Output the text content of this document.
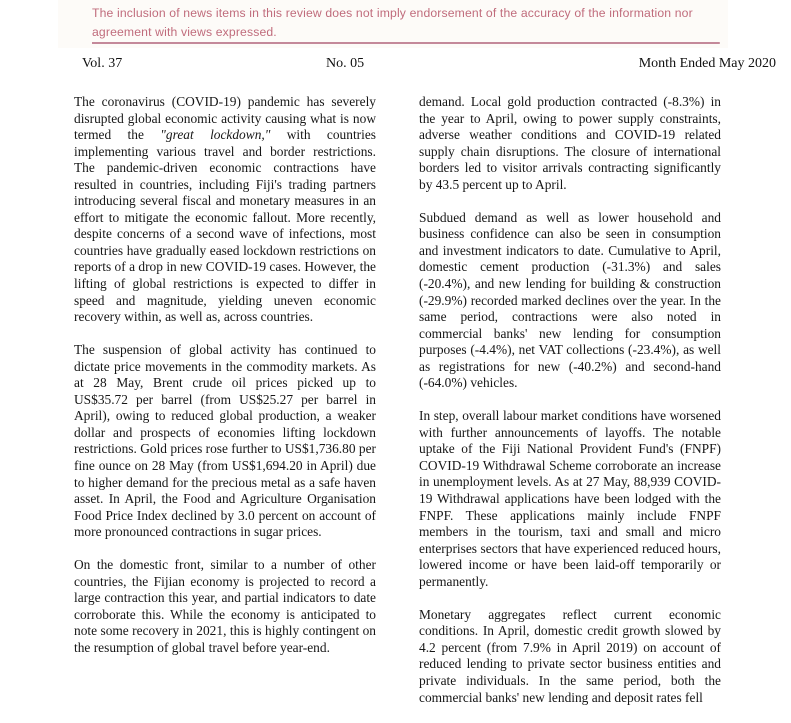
The inclusion of news items in this review does not imply endorsement of the accuracy of the information nor agreement with views expressed.
Vol. 37	No. 05	Month Ended May 2020

The coronavirus (COVID-19) pandemic has severely disrupted global economic activity causing what is now termed the "great lockdown," with countries implementing various travel and border restrictions. The pandemic-driven economic contractions have resulted in countries, including Fiji's trading partners introducing several fiscal and monetary measures in an effort to mitigate the economic fallout. More recently, despite concerns of a second wave of infections, most countries have gradually eased lockdown restrictions on reports of a drop in new COVID-19 cases. However, the lifting of global restrictions is expected to differ in speed and magnitude, yielding uneven economic recovery within, as well as, across countries.

The suspension of global activity has continued to dictate price movements in the commodity markets. As at 28 May, Brent crude oil prices picked up to US$35.72 per barrel (from US$25.27 per barrel in April), owing to reduced global production, a weaker dollar and prospects of economies lifting lockdown restrictions. Gold prices rose further to US$1,736.80 per fine ounce on 28 May (from US$1,694.20 in April) due to higher demand for the precious metal as a safe haven asset. In April, the Food and Agriculture Organisation Food Price Index declined by 3.0 percent on account of more pronounced contractions in sugar prices.

On the domestic front, similar to a number of other countries, the Fijian economy is projected to record a large contraction this year, and partial indicators to date corroborate this. While the economy is anticipated to note some recovery in 2021, this is highly contingent on the resumption of global travel before year-end.

demand. Local gold production contracted (-8.3%) in the year to April, owing to power supply constraints, adverse weather conditions and COVID-19 related supply chain disruptions. The closure of international borders led to visitor arrivals contracting significantly by 43.5 percent up to April.

Subdued demand as well as lower household and business confidence can also be seen in consumption and investment indicators to date. Cumulative to April, domestic cement production (-31.3%) and sales (-20.4%), and new lending for building & construction (-29.9%) recorded marked declines over the year. In the same period, contractions were also noted in commercial banks' new lending for consumption purposes (-4.4%), net VAT collections (-23.4%), as well as registrations for new (-40.2%) and second-hand (-64.0%) vehicles.

In step, overall labour market conditions have worsened with further announcements of layoffs. The notable uptake of the Fiji National Provident Fund's (FNPF) COVID-19 Withdrawal Scheme corroborate an increase in unemployment levels. As at 27 May, 88,939 COVID-19 Withdrawal applications have been lodged with the FNPF. These applications mainly include FNPF members in the tourism, taxi and small and micro enterprises sectors that have experienced reduced hours, lowered income or have been laid-off temporarily or permanently.

Monetary aggregates reflect current economic conditions. In April, domestic credit growth slowed by 4.2 percent (from 7.9% in April 2019) on account of reduced lending to private sector business entities and private individuals. In the same period, both the commercial banks' new lending and deposit rates fell
